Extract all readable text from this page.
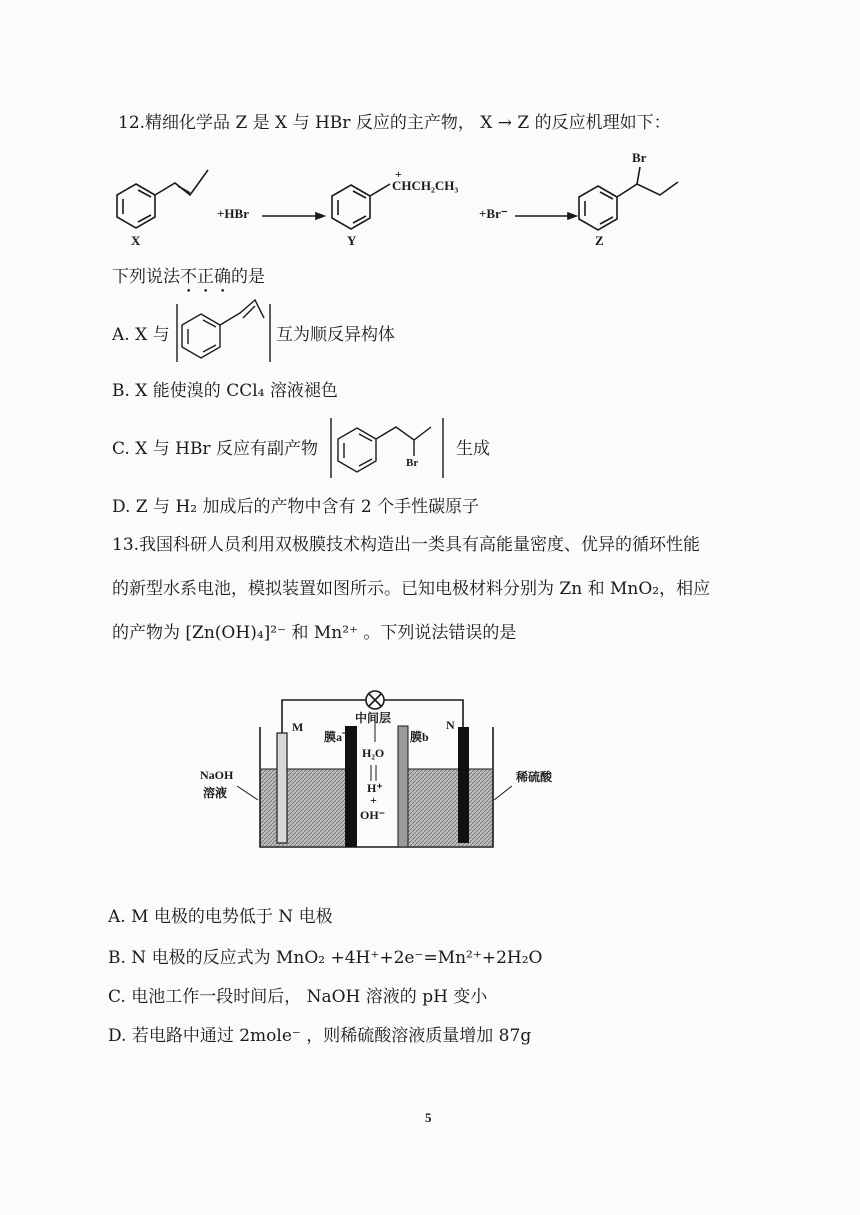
12.精细化学品 Z 是 X 与 HBr 反应的主产物， X → Z 的反应机理如下：
X
+HBr
+
CHCH₂CH₃
Y
+Br⁻
Br
Z
下列说法不正确的是
A. X 与	互为顺反异构体
B. X 能使溴的 CCl₄ 溶液褪色
C. X 与 HBr 反应有副产物
Br
生成
D. Z 与 H₂ 加成后的产物中含有 2 个手性碳原子
13.我国科研人员利用双极膜技术构造出一类具有高能量密度、优异的循环性能
的新型水系电池，模拟装置如图所示。已知电极材料分别为 Zn 和 MnO₂，相应
的产物为 [Zn(OH)₄]²⁻ 和 Mn²⁺ 。下列说法错误的是
中间层
M	N
膜a	膜b
H₂O
H⁺
+
OH⁻
NaOH
溶液
稀硫酸
A. M 电极的电势低于 N 电极
B. N 电极的反应式为 MnO₂ +4H⁺+2e⁻=Mn²⁺+2H₂O
C. 电池工作一段时间后， NaOH 溶液的 pH 变小
D. 若电路中通过 2mole⁻ ，则稀硫酸溶液质量增加 87g
5
